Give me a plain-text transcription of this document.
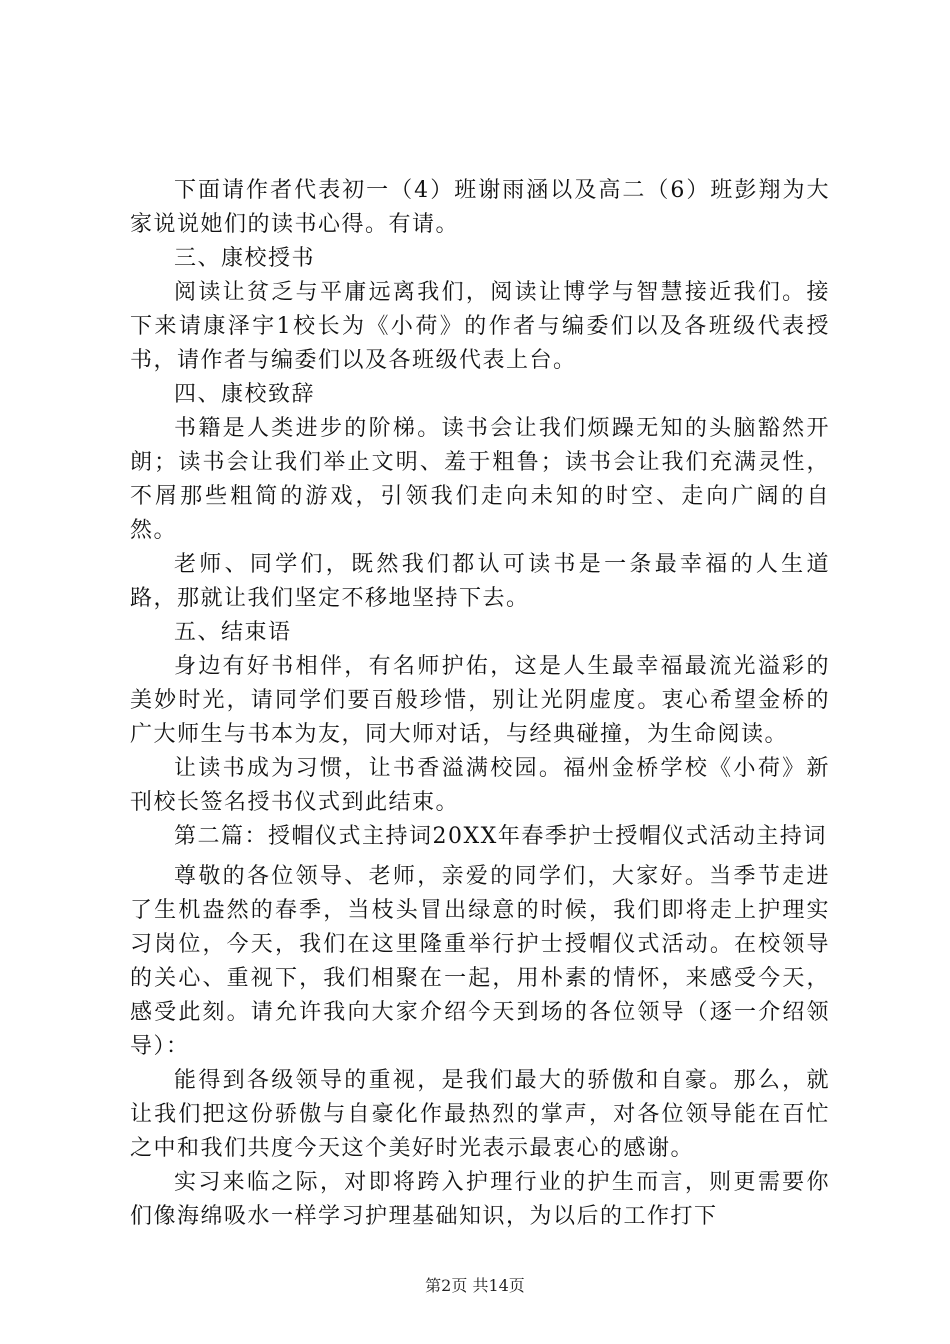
下面请作者代表初一（4）班谢雨涵以及高二（6）班彭翔为大家说说她们的读书心得。有请。

三、康校授书

阅读让贫乏与平庸远离我们，阅读让博学与智慧接近我们。接下来请康泽宇1校长为《小荷》的作者与编委们以及各班级代表授书，请作者与编委们以及各班级代表上台。

四、康校致辞

书籍是人类进步的阶梯。读书会让我们烦躁无知的头脑豁然开朗；读书会让我们举止文明、羞于粗鲁；读书会让我们充满灵性，不屑那些粗简的游戏，引领我们走向未知的时空、走向广阔的自然。

老师、同学们，既然我们都认可读书是一条最幸福的人生道路，那就让我们坚定不移地坚持下去。

五、结束语

身边有好书相伴，有名师护佑，这是人生最幸福最流光溢彩的美妙时光，请同学们要百般珍惜，别让光阴虚度。衷心希望金桥的广大师生与书本为友，同大师对话，与经典碰撞，为生命阅读。

让读书成为习惯，让书香溢满校园。福州金桥学校《小荷》新刊校长签名授书仪式到此结束。

第二篇：授帽仪式主持词20XX年春季护士授帽仪式活动主持词

尊敬的各位领导、老师，亲爱的同学们，大家好。当季节走进了生机盎然的春季，当枝头冒出绿意的时候，我们即将走上护理实习岗位，今天，我们在这里隆重举行护士授帽仪式活动。在校领导的关心、重视下，我们相聚在一起，用朴素的情怀，来感受今天，感受此刻。请允许我向大家介绍今天到场的各位领导（逐一介绍领导）：

能得到各级领导的重视，是我们最大的骄傲和自豪。那么，就让我们把这份骄傲与自豪化作最热烈的掌声，对各位领导能在百忙之中和我们共度今天这个美好时光表示最衷心的感谢。

实习来临之际，对即将跨入护理行业的护生而言，则更需要你们像海绵吸水一样学习护理基础知识，为以后的工作打下

第2页 共14页
